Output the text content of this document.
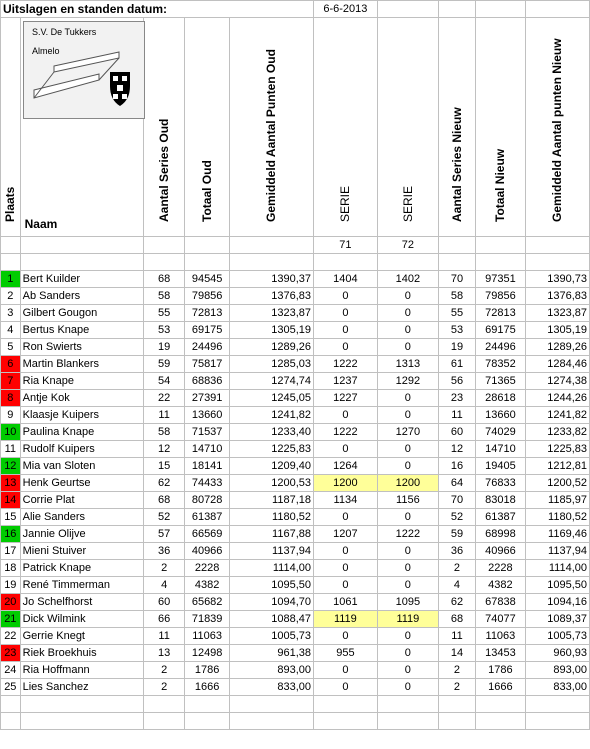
Uitslagen en standen datum:					6-6-2013				

Plaats	Naam	Aantal Series Oud	Totaal Oud	Gemiddeld Aantal Punten Oud	SERIE	SERIE	Aantal Series Nieuw	Totaal Nieuw	Gemiddeld Aantal punten Nieuw

					71	72			

1	Bert Kuilder	68	94545	1390,37	1404	1402	70	97351	1390,73
2	Ab Sanders	58	79856	1376,83	0	0	58	79856	1376,83
3	Gilbert Gougon	55	72813	1323,87	0	0	55	72813	1323,87
4	Bertus Knape	53	69175	1305,19	0	0	53	69175	1305,19
5	Ron Swierts	19	24496	1289,26	0	0	19	24496	1289,26
6	Martin Blankers	59	75817	1285,03	1222	1313	61	78352	1284,46
7	Ria Knape	54	68836	1274,74	1237	1292	56	71365	1274,38
8	Antje Kok	22	27391	1245,05	1227	0	23	28618	1244,26
9	Klaasje Kuipers	11	13660	1241,82	0	0	11	13660	1241,82
10	Paulina Knape	58	71537	1233,40	1222	1270	60	74029	1233,82
11	Rudolf Kuipers	12	14710	1225,83	0	0	12	14710	1225,83
12	Mia van Sloten	15	18141	1209,40	1264	0	16	19405	1212,81
13	Henk Geurtse	62	74433	1200,53	1200	1200	64	76833	1200,52
14	Corrie Plat	68	80728	1187,18	1134	1156	70	83018	1185,97
15	Alie Sanders	52	61387	1180,52	0	0	52	61387	1180,52
16	Jannie Olijve	57	66569	1167,88	1207	1222	59	68998	1169,46
17	Mieni Stuiver	36	40966	1137,94	0	0	36	40966	1137,94
18	Patrick Knape	2	2228	1114,00	0	0	2	2228	1114,00
19	René Timmerman	4	4382	1095,50	0	0	4	4382	1095,50
20	Jo Schelfhorst	60	65682	1094,70	1061	1095	62	67838	1094,16
21	Dick Wilmink	66	71839	1088,47	1119	1119	68	74077	1089,37
22	Gerrie Knegt	11	11063	1005,73	0	0	11	11063	1005,73
23	Riek Broekhuis	13	12498	961,38	955	0	14	13453	960,93
24	Ria Hoffmann	2	1786	893,00	0	0	2	1786	893,00
25	Lies Sanchez	2	1666	833,00	0	0	2	1666	833,00

S.V. De Tukkers
Almelo
